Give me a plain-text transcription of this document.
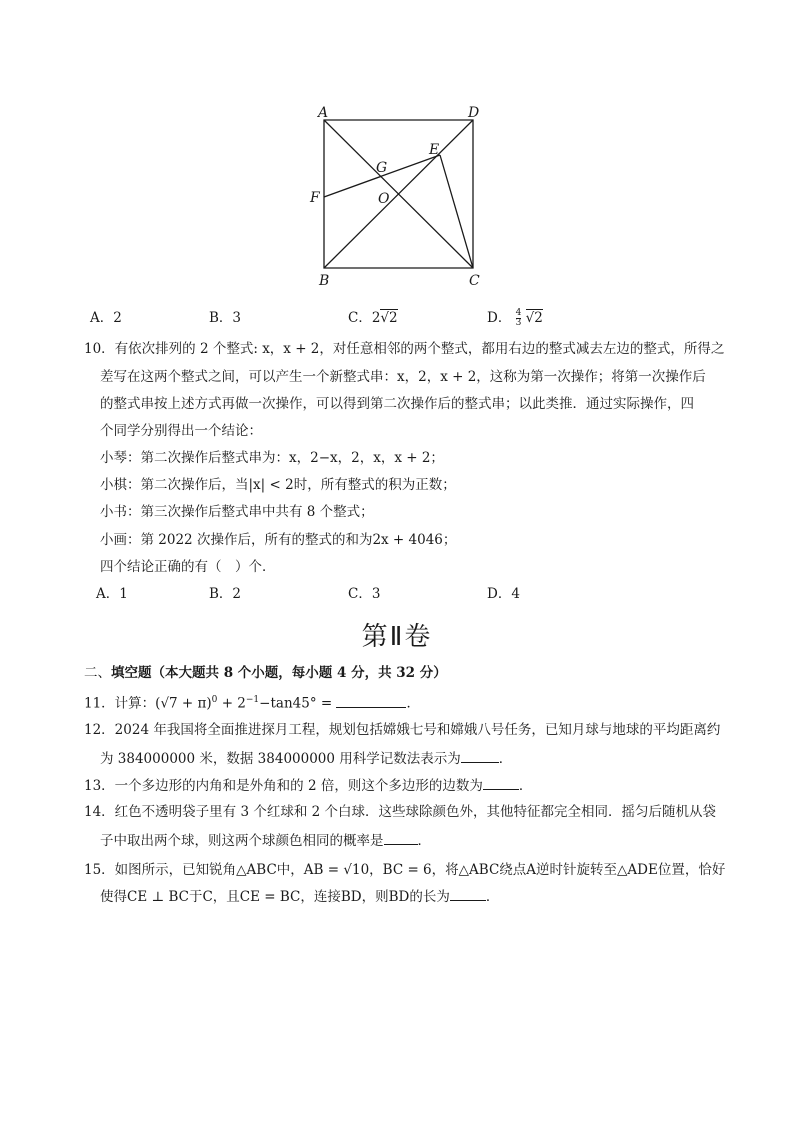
A	D
B	C
E
F
G
O
A．2	B．3	C．2√2	D． $\frac{4}{3} √2$
10．有依次排列的 2 个整式: x，x + 2，对任意相邻的两个整式，都用右边的整式减去左边的整式，所得之
差写在这两个整式之间，可以产生一个新整式串：x，2，x + 2，这称为第一次操作；将第一次操作后
的整式串按上述方式再做一次操作，可以得到第二次操作后的整式串；以此类推．通过实际操作，四
个同学分别得出一个结论：
小琴：第二次操作后整式串为：x，2−x，2，x，x + 2；
小棋：第二次操作后，当|x| < 2时，所有整式的积为正数；
小书：第三次操作后整式串中共有 8 个整式；
小画：第 2022 次操作后，所有的整式的和为2x + 4046；
四个结论正确的有（　）个．
A．1	B．2	C．3	D．4
第Ⅱ卷
二、填空题（本大题共 8 个小题，每小题 4 分，共 32 分）
11．计算：$(√7 + \pi)^0 + 2^{-1}-\tan 45^\circ$ =	．
12．2024 年我国将全面推进探月工程，规划包括嫦娥七号和嫦娥八号任务，已知月球与地球的平均距离约
为 384000000 米，数据 384000000 用科学记数法表示为	．
13．一个多边形的内角和是外角和的 2 倍，则这个多边形的边数为	．
14．红色不透明袋子里有 3 个红球和 2 个白球．这些球除颜色外，其他特征都完全相同．摇匀后随机从袋
子中取出两个球，则这两个球颜色相同的概率是	．
15．如图所示，已知锐角△ABC中，AB = √10，BC = 6，将△ABC绕点A逆时针旋转至△ADE位置，恰好
使得CE ⊥ BC于C，且CE = BC，连接BD，则BD的长为	．
